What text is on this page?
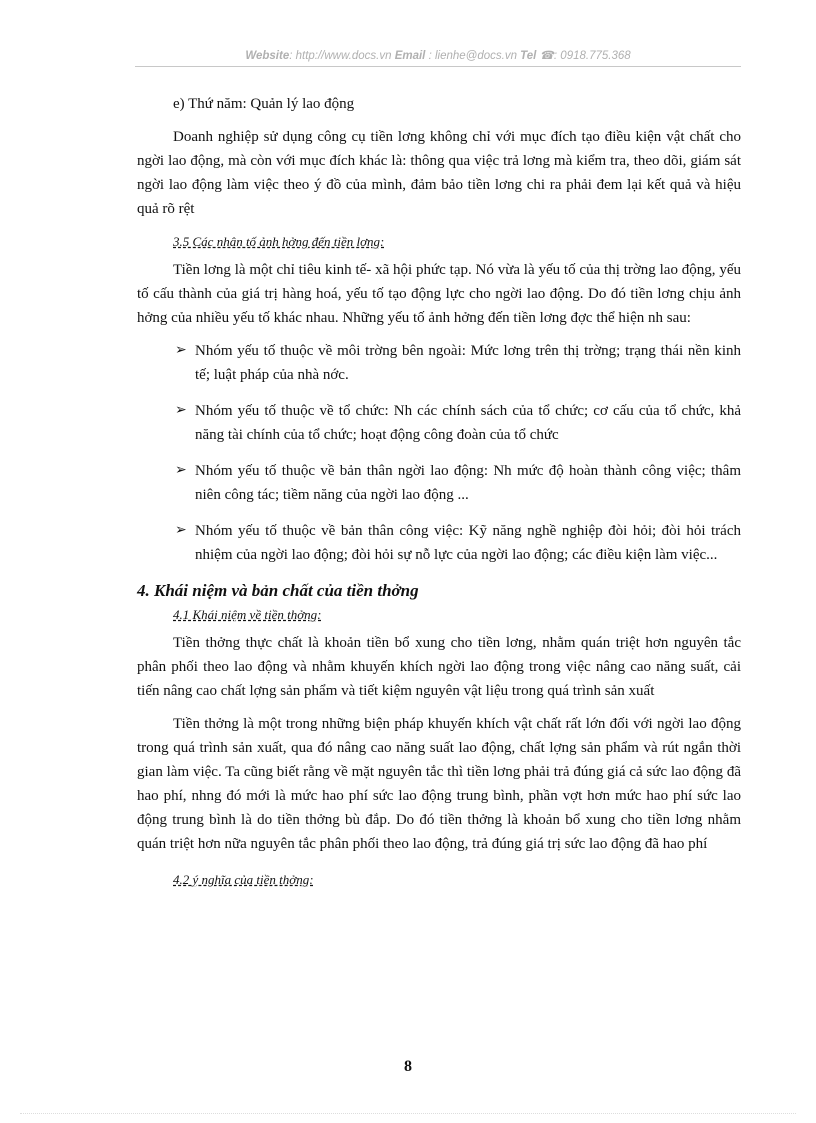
Website: http://www.docs.vn Email : lienhe@docs.vn Tel ☎: 0918.775.368

e) Thứ năm: Quản lý lao động

Doanh nghiệp sử dụng công cụ tiền lơng không chỉ với mục đích tạo điều kiện vật chất cho ngời lao động, mà còn với mục đích khác là: thông qua việc trả lơng mà kiểm tra, theo dõi, giám sát ngời lao động làm việc theo ý đồ của mình, đảm bảo tiền lơng chi ra phải đem lại kết quả và hiệu quả rõ rệt

3.5 Các nhân tố ảnh hởng đến tiền lơng:

Tiền lơng là một chỉ tiêu kinh tế- xã hội phức tạp. Nó vừa là yếu tố của thị trờng lao động, yếu tố cấu thành của giá trị hàng hoá, yếu tố tạo động lực cho ngời lao động. Do đó tiền lơng chịu ảnh hởng của nhiều yếu tố khác nhau. Những yếu tố ảnh hởng đến tiền lơng đợc thể hiện nh sau:

➢ Nhóm yếu tố thuộc về môi trờng bên ngoài: Mức lơng trên thị trờng; trạng thái nền kinh tế; luật pháp của nhà nớc.
➢ Nhóm yếu tố thuộc về tổ chức: Nh các chính sách của tổ chức; cơ cấu của tổ chức, khả năng tài chính của tổ chức; hoạt động công đoàn của tổ chức
➢ Nhóm yếu tố thuộc về bản thân ngời lao động: Nh mức độ hoàn thành công việc; thâm niên công tác; tiềm năng của ngời lao động ...
➢ Nhóm yếu tố thuộc về bản thân công việc: Kỹ năng nghề nghiệp đòi hỏi; đòi hỏi trách nhiệm của ngời lao động; đòi hỏi sự nỗ lực của ngời lao động; các điều kiện làm việc...

4. Khái niệm và bản chất của tiền thởng

4.1 Khái niệm về tiền thởng:

Tiền thởng thực chất là khoản tiền bổ xung cho tiền lơng, nhằm quán triệt hơn nguyên tắc phân phối theo lao động và nhằm khuyến khích ngời lao động trong việc nâng cao năng suất, cải tiến nâng cao chất lợng sản phẩm và tiết kiệm nguyên vật liệu trong quá trình sản xuất

Tiền thởng là một trong những biện pháp khuyến khích vật chất rất lớn đối với ngời lao động trong quá trình sản xuất, qua đó nâng cao năng suất lao động, chất lợng sản phẩm và rút ngắn thời gian làm việc. Ta cũng biết rằng về mặt nguyên tắc thì tiền lơng phải trả đúng giá cả sức lao động đã hao phí, nhng đó mới là mức hao phí sức lao động trung bình, phần vợt hơn mức hao phí sức lao động trung bình là do tiền thởng bù đắp. Do đó tiền thởng là khoản bổ xung cho tiền lơng nhằm quán triệt hơn nữa nguyên tắc phân phối theo lao động, trả đúng giá trị sức lao động đã hao phí

4.2 ý nghĩa của tiền thởng:

8
